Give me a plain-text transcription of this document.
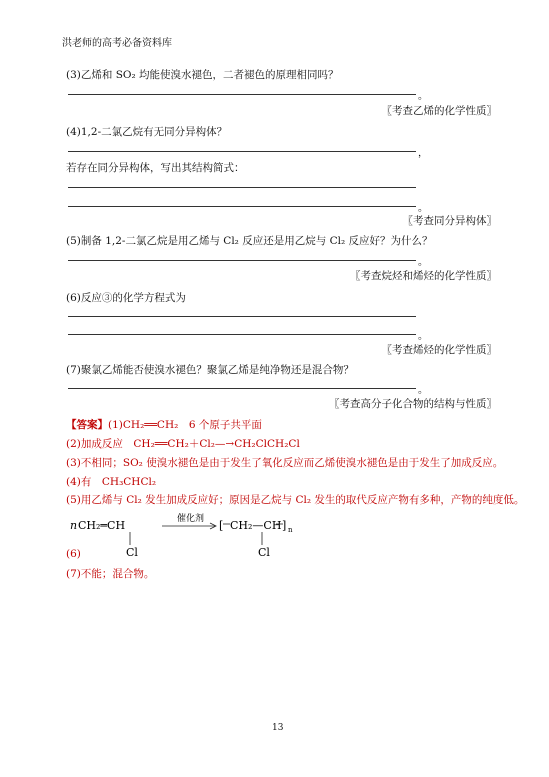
洪老师的高考必备资料库
(3)乙烯和 SO₂ 均能使溴水褪色，二者褪色的原理相同吗？
。
〖考查乙烯的化学性质〗
(4)1,2-二氯乙烷有无同分异构体？
，
若存在同分异构体，写出其结构简式：
。
〖考查同分异构体〗
(5)制备 1,2-二氯乙烷是用乙烯与 Cl₂ 反应还是用乙烷与 Cl₂ 反应好？为什么？
。
〖考查烷烃和烯烃的化学性质〗
(6)反应③的化学方程式为
。
〖考查烯烃的化学性质〗
(7)聚氯乙烯能否使溴水褪色？聚氯乙烯是纯净物还是混合物？
。
〖考查高分子化合物的结构与性质〗
【答案】(1)CH₂══CH₂　6 个原子共平面
(2)加成反应　CH₂══CH₂＋Cl₂—→CH₂ClCH₂Cl
(3)不相同；SO₂ 使溴水褪色是由于发生了氧化反应而乙烯使溴水褪色是由于发生了加成反应。
(4)有　CH₃CHCl₂
(5)用乙烯与 Cl₂ 发生加成反应好；原因是乙烷与 Cl₂ 发生的取代反应产物有多种，产物的纯度低。
n CH₂═CH
Cl
催化剂 [ CH₂—CH ] n
Cl
(6)
(7)不能；混合物。
13
